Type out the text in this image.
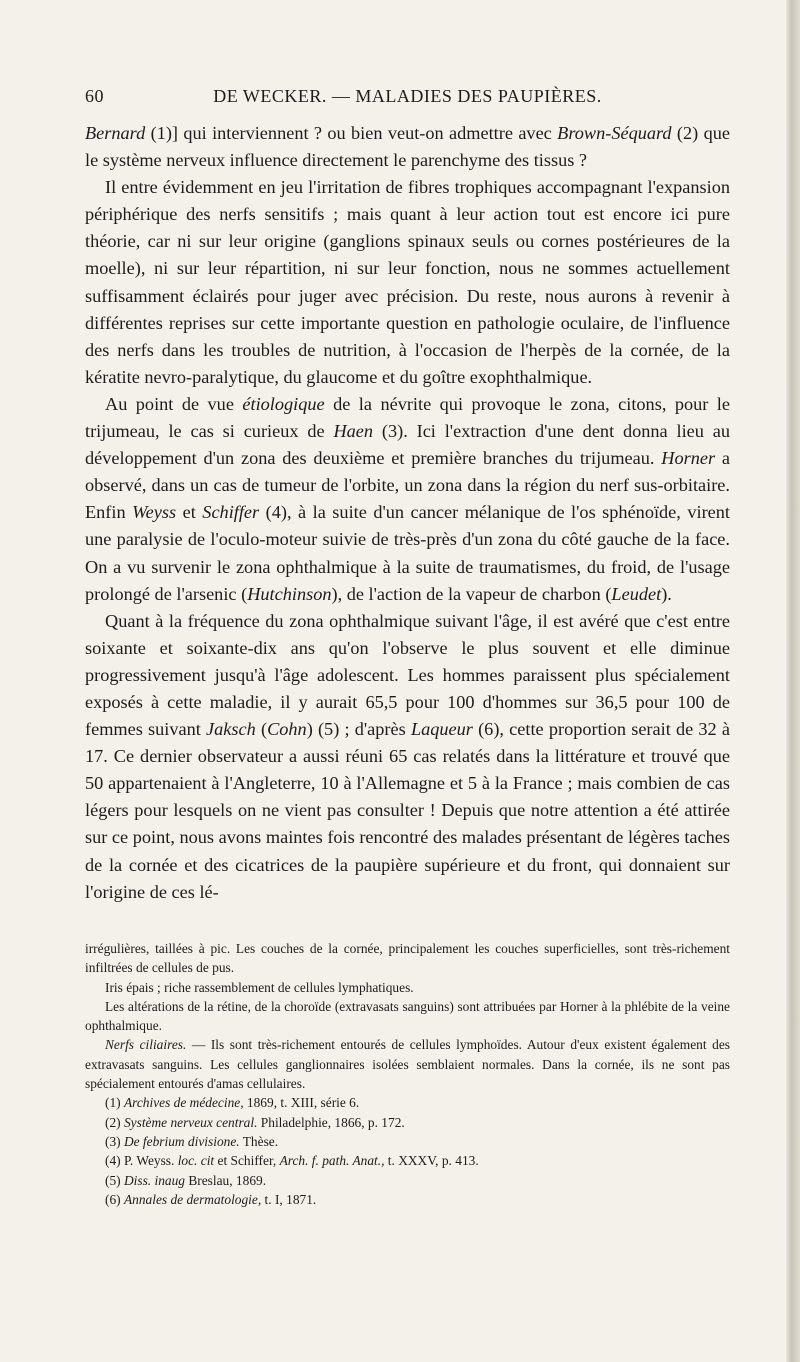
60	DE WECKER. — MALADIES DES PAUPIÈRES.

Bernard (1)] qui interviennent ? ou bien veut-on admettre avec Brown-Séquard (2) que le système nerveux influence directement le parenchyme des tissus ?

Il entre évidemment en jeu l'irritation de fibres trophiques accompagnant l'expansion périphérique des nerfs sensitifs ; mais quant à leur action tout est encore ici pure théorie, car ni sur leur origine (ganglions spinaux seuls ou cornes postérieures de la moelle), ni sur leur répartition, ni sur leur fonction, nous ne sommes actuellement suffisamment éclairés pour juger avec précision. Du reste, nous aurons à revenir à différentes reprises sur cette importante question en pathologie oculaire, de l'influence des nerfs dans les troubles de nutrition, à l'occasion de l'herpès de la cornée, de la kératite nevro-paralytique, du glaucome et du goître exophthalmique.

Au point de vue étiologique de la névrite qui provoque le zona, citons, pour le trijumeau, le cas si curieux de Haen (3). Ici l'extraction d'une dent donna lieu au développement d'un zona des deuxième et première branches du trijumeau. Horner a observé, dans un cas de tumeur de l'orbite, un zona dans la région du nerf sus-orbitaire. Enfin Weyss et Schiffer (4), à la suite d'un cancer mélanique de l'os sphénoïde, virent une paralysie de l'oculo-moteur suivie de très-près d'un zona du côté gauche de la face. On a vu survenir le zona ophthalmique à la suite de traumatismes, du froid, de l'usage prolongé de l'arsenic (Hutchinson), de l'action de la vapeur de charbon (Leudet).

Quant à la fréquence du zona ophthalmique suivant l'âge, il est avéré que c'est entre soixante et soixante-dix ans qu'on l'observe le plus souvent et elle diminue progressivement jusqu'à l'âge adolescent. Les hommes paraissent plus spécialement exposés à cette maladie, il y aurait 65,5 pour 100 d'hommes sur 36,5 pour 100 de femmes suivant Jaksch (Cohn) (5) ; d'après Laqueur (6), cette proportion serait de 32 à 17. Ce dernier observateur a aussi réuni 65 cas relatés dans la littérature et trouvé que 50 appartenaient à l'Angleterre, 10 à l'Allemagne et 5 à la France ; mais combien de cas légers pour lesquels on ne vient pas consulter ! Depuis que notre attention a été attirée sur ce point, nous avons maintes fois rencontré des malades présentant de légères taches de la cornée et des cicatrices de la paupière supérieure et du front, qui donnaient sur l'origine de ces lé-

irrégulières, taillées à pic. Les couches de la cornée, principalement les couches superficielles, sont très-richement infiltrées de cellules de pus.

Iris épais ; riche rassemblement de cellules lymphatiques.

Les altérations de la rétine, de la choroïde (extravasats sanguins) sont attribuées par Horner à la phlébite de la veine ophthalmique.

Nerfs ciliaires. — Ils sont très-richement entourés de cellules lymphoïdes. Autour d'eux existent également des extravasats sanguins. Les cellules ganglionnaires isolées semblaient normales. Dans la cornée, ils ne sont pas spécialement entourés d'amas cellulaires.

(1) Archives de médecine, 1869, t. XIII, série 6.

(2) Système nerveux central. Philadelphie, 1866, p. 172.

(3) De febrium divisione. Thèse.

(4) P. Weyss. loc. cit et Schiffer, Arch. f. path. Anat., t. XXXV, p. 413.

(5) Diss. inaug Breslau, 1869.

(6) Annales de dermatologie, t. I, 1871.
